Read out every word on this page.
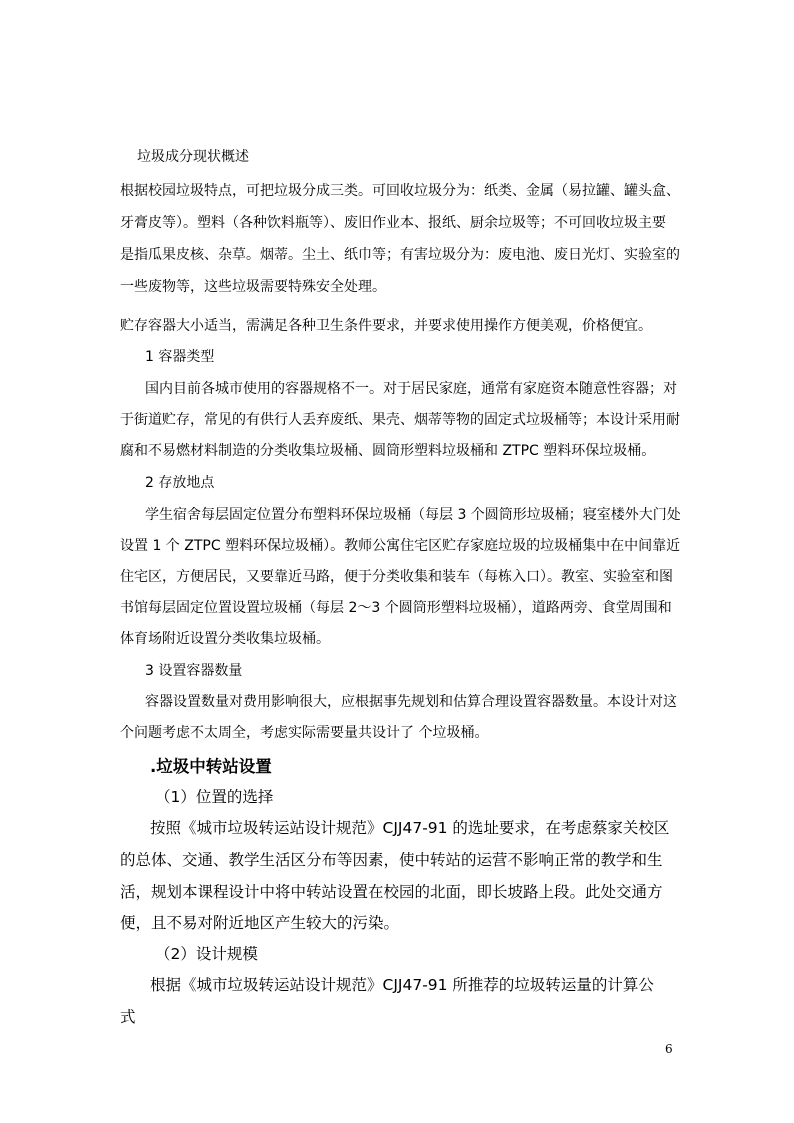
垃圾成分现状概述
根据校园垃圾特点，可把垃圾分成三类。可回收垃圾分为：纸类、金属（易拉罐、罐头盒、
牙膏皮等）。塑料（各种饮料瓶等）、废旧作业本、报纸、厨余垃圾等；不可回收垃圾主要
是指瓜果皮核、杂草。烟蒂。尘土、纸巾等；有害垃圾分为：废电池、废日光灯、实验室的
一些废物等，这些垃圾需要特殊安全处理。
贮存容器大小适当，需满足各种卫生条件要求，并要求使用操作方便美观，价格便宜。
1 容器类型
国内目前各城市使用的容器规格不一。对于居民家庭，通常有家庭资本随意性容器；对
于街道贮存，常见的有供行人丢弃废纸、果壳、烟蒂等物的固定式垃圾桶等；本设计采用耐
腐和不易燃材料制造的分类收集垃圾桶、圆筒形塑料垃圾桶和 ZTPC 塑料环保垃圾桶。
2 存放地点
学生宿舍每层固定位置分布塑料环保垃圾桶（每层 3 个圆筒形垃圾桶；寝室楼外大门处
设置 1 个 ZTPC 塑料环保垃圾桶）。教师公寓住宅区贮存家庭垃圾的垃圾桶集中在中间靠近
住宅区，方便居民，又要靠近马路，便于分类收集和装车（每栋入口）。教室、实验室和图
书馆每层固定位置设置垃圾桶（每层 2～3 个圆筒形塑料垃圾桶），道路两旁、食堂周围和
体育场附近设置分类收集垃圾桶。
3 设置容器数量
容器设置数量对费用影响很大，应根据事先规划和估算合理设置容器数量。本设计对这
个问题考虑不太周全，考虑实际需要量共设计了 个垃圾桶。
.垃圾中转站设置
（1）位置的选择
按照《城市垃圾转运站设计规范》CJJ47-91 的选址要求，在考虑蔡家关校区
的总体、交通、教学生活区分布等因素，使中转站的运营不影响正常的教学和生
活，规划本课程设计中将中转站设置在校园的北面，即长坡路上段。此处交通方
便，且不易对附近地区产生较大的污染。
（2）设计规模
根据《城市垃圾转运站设计规范》CJJ47-91 所推荐的垃圾转运量的计算公
式
6
